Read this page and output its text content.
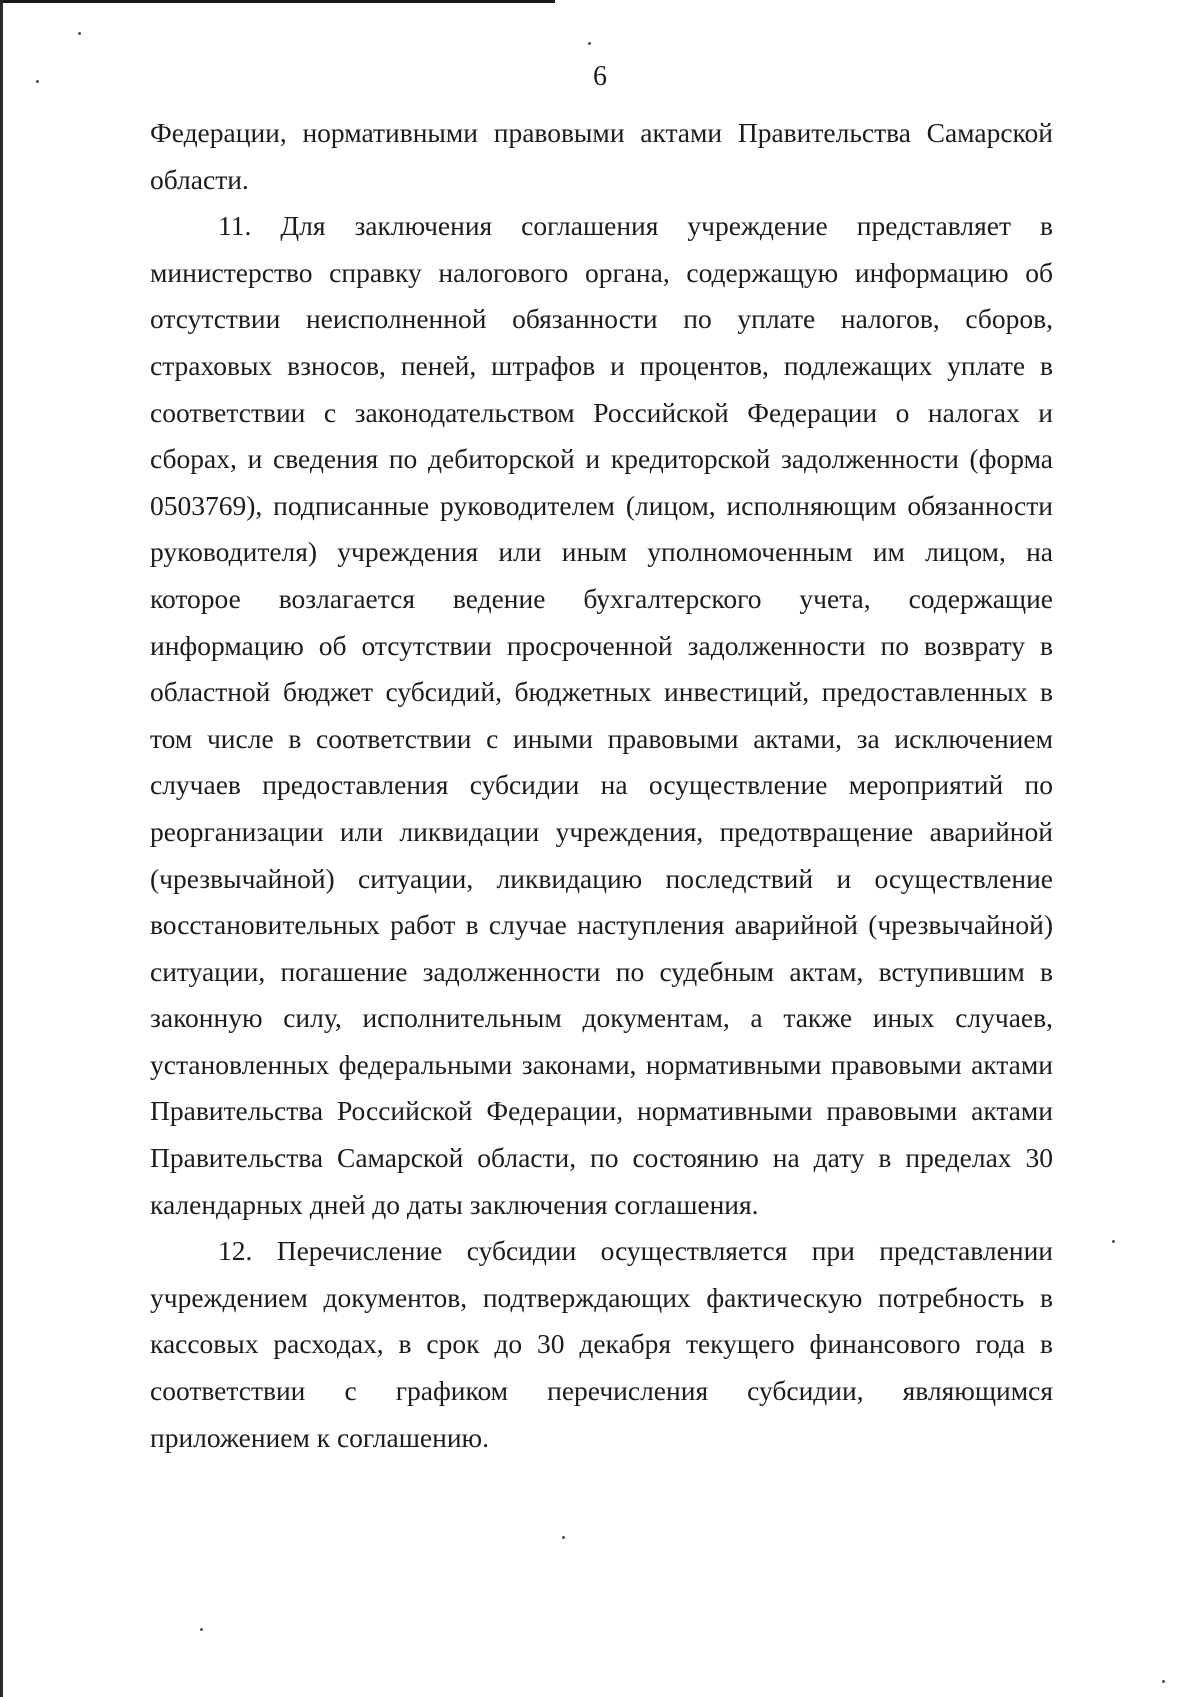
6

Федерации, нормативными правовыми актами Правительства Самарской области.

11. Для заключения соглашения учреждение представляет в министерство справку налогового органа, содержащую информацию об отсутствии неисполненной обязанности по уплате налогов, сборов, страховых взносов, пеней, штрафов и процентов, подлежащих уплате в соответствии с законодательством Российской Федерации о налогах и сборах, и сведения по дебиторской и кредиторской задолженности (форма 0503769), подписанные руководителем (лицом, исполняющим обязанности руководителя) учреждения или иным уполномоченным им лицом, на которое возлагается ведение бухгалтерского учета, содержащие информацию об отсутствии просроченной задолженности по возврату в областной бюджет субсидий, бюджетных инвестиций, предоставленных в том числе в соответствии с иными правовыми актами, за исключением случаев предоставления субсидии на осуществление мероприятий по реорганизации или ликвидации учреждения, предотвращение аварийной (чрезвычайной) ситуации, ликвидацию последствий и осуществление восстановительных работ в случае наступления аварийной (чрезвычайной) ситуации, погашение задолженности по судебным актам, вступившим в законную силу, исполнительным документам, а также иных случаев, установленных федеральными законами, нормативными правовыми актами Правительства Российской Федерации, нормативными правовыми актами Правительства Самарской области, по состоянию на дату в пределах 30 календарных дней до даты заключения соглашения.

12. Перечисление субсидии осуществляется при представлении учреждением документов, подтверждающих фактическую потребность в кассовых расходах, в срок до 30 декабря текущего финансового года в соответствии с графиком перечисления субсидии, являющимся приложением к соглашению.
